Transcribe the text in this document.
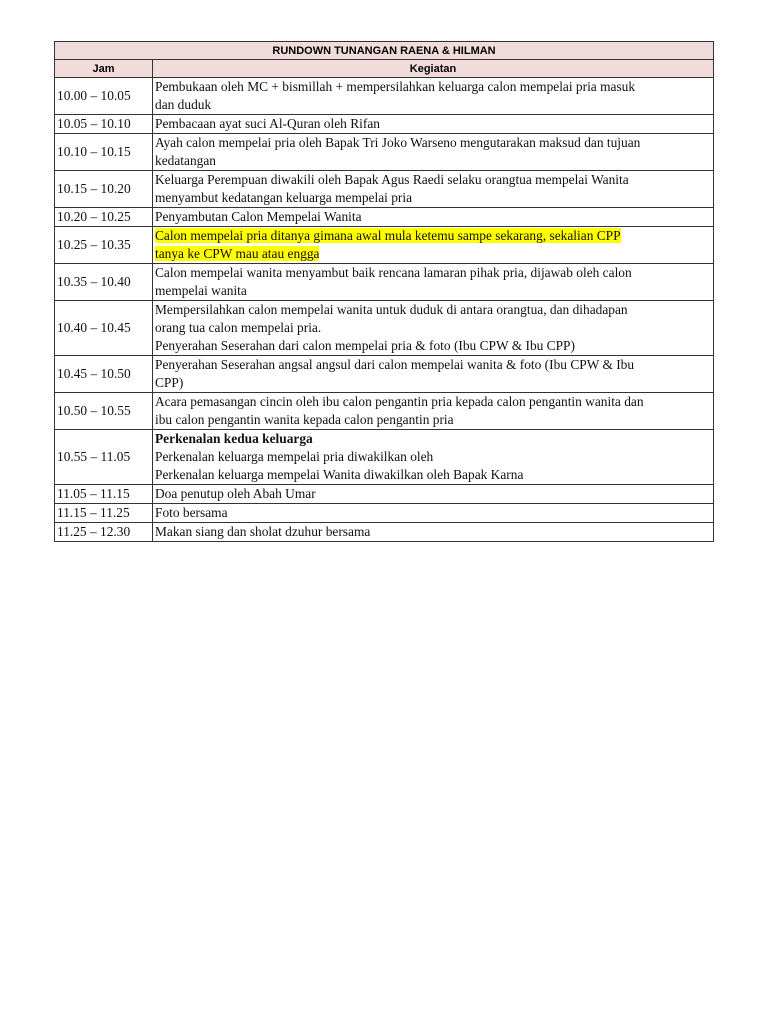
RUNDOWN TUNANGAN RAENA & HILMAN	
Jam	Kegiatan
10.00 – 10.05	Pembukaan oleh MC + bismillah + mempersilahkan keluarga calon mempelai pria masuk
dan duduk

10.05 – 10.10	Pembacaan ayat suci Al-Quran oleh Rifan

10.10 – 10.15	Ayah calon mempelai pria oleh Bapak Tri Joko Warseno mengutarakan maksud dan tujuan
kedatangan

10.15 – 10.20	Keluarga Perempuan diwakili oleh Bapak Agus Raedi selaku orangtua mempelai Wanita
menyambut kedatangan keluarga mempelai pria

10.20 – 10.25	Penyambutan Calon Mempelai Wanita

10.25 – 10.35	Calon mempelai pria ditanya gimana awal mula ketemu sampe sekarang, sekalian CPP
tanya ke CPW mau atau engga

10.35 – 10.40	Calon mempelai wanita menyambut baik rencana lamaran pihak pria, dijawab oleh calon
mempelai wanita

10.40 – 10.45	Mempersilahkan calon mempelai wanita untuk duduk di antara orangtua, dan dihadapan
orang tua calon mempelai pria.
Penyerahan Seserahan dari calon mempelai pria & foto (Ibu CPW & Ibu CPP)

10.45 – 10.50	Penyerahan Seserahan angsal angsul dari calon mempelai wanita & foto (Ibu CPW & Ibu
CPP)

10.50 – 10.55	Acara pemasangan cincin oleh ibu calon pengantin pria kepada calon pengantin wanita dan
ibu calon pengantin wanita kepada calon pengantin pria

10.55 – 11.05	Perkenalan kedua keluarga
Perkenalan keluarga mempelai pria diwakilkan oleh
Perkenalan keluarga mempelai Wanita diwakilkan oleh Bapak Karna

11.05 – 11.15	Doa penutup oleh Abah Umar

11.15 – 11.25	Foto bersama

11.25 – 12.30	Makan siang dan sholat dzuhur bersama
